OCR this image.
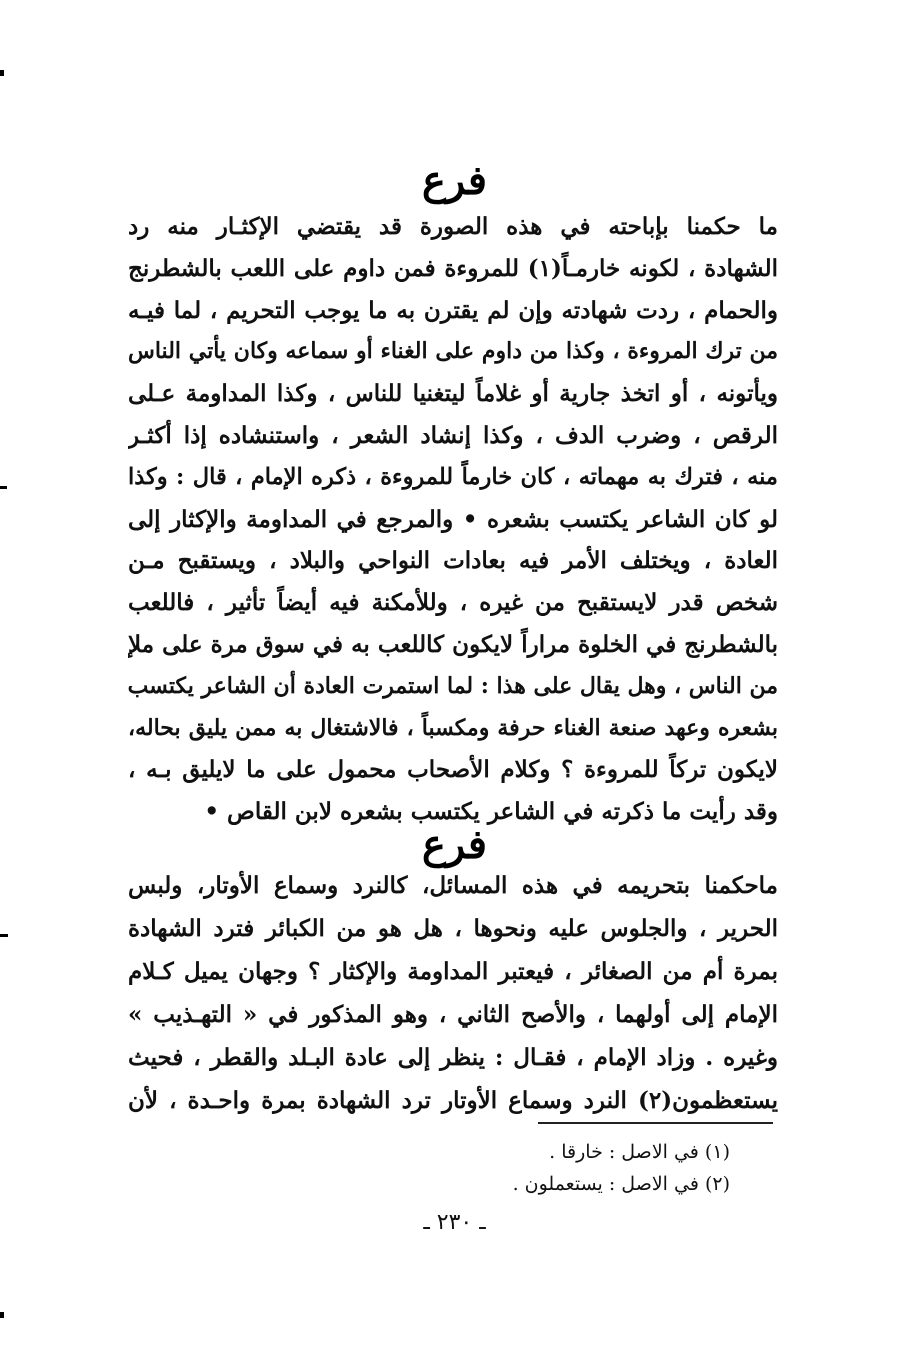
فرع
ما حكمنا بإباحته في هذه الصورة قد يقتضي الإكثـار منه رد
الشهادة ، لكونه خارمـاً(١) للمروءة فمن داوم على اللعب بالشطرنج
والحمام ، ردت شهادته وإن لم يقترن به ما يوجب التحريم ، لما فيـه
من ترك المروءة ، وكذا من داوم على الغناء أو سماعه وكان يأتي الناس
ويأتونه ، أو اتخذ جارية أو غلاماً ليتغنيا للناس ، وكذا المداومة عـلى
الرقص ، وضرب الدف ، وكذا إنشاد الشعر ، واستنشاده إذا أكثـر
منه ، فترك به مهماته ، كان خارماً للمروءة ، ذكره الإمام ، قال : وكذا
لو كان الشاعر يكتسب بشعره • والمرجع في المداومة والإكثار إلى
العادة ، ويختلف الأمر فيه بعادات النواحي والبلاد ، ويستقبح مـن
شخص قدر لايستقبح من غيره ، وللأمكنة فيه أيضاً تأثير ، فاللعب
بالشطرنج في الخلوة مراراً لايكون كاللعب به في سوق مرة على ملإ
من الناس ، وهل يقال على هذا : لما استمرت العادة أن الشاعر يكتسب
بشعره وعهد صنعة الغناء حرفة ومكسباً ، فالاشتغال به ممن يليق بحاله،
لايكون تركاً للمروءة ؟ وكلام الأصحاب محمول على ما لايليق بـه ،
وقد رأيت ما ذكرته في الشاعر يكتسب بشعره لابن القاص •
فرع
ماحكمنا بتحريمه في هذه المسائل، كالنرد وسماع الأوتار، ولبس
الحرير ، والجلوس عليه ونحوها ، هل هو من الكبائر فترد الشهادة
بمرة أم من الصغائر ، فيعتبر المداومة والإكثار ؟ وجهان يميل كـلام
الإمام إلى أولهما ، والأصح الثاني ، وهو المذكور في « التهـذيب »
وغيره . وزاد الإمام ، فقـال : ينظر إلى عادة البـلد والقطر ، فحيث
يستعظمون(٢) النرد وسماع الأوتار ترد الشهادة بمرة واحـدة ، لأن
(١) في الاصل : خارقا .
(٢) في الاصل : يستعملون .
ـ ٢٣٠ ـ
